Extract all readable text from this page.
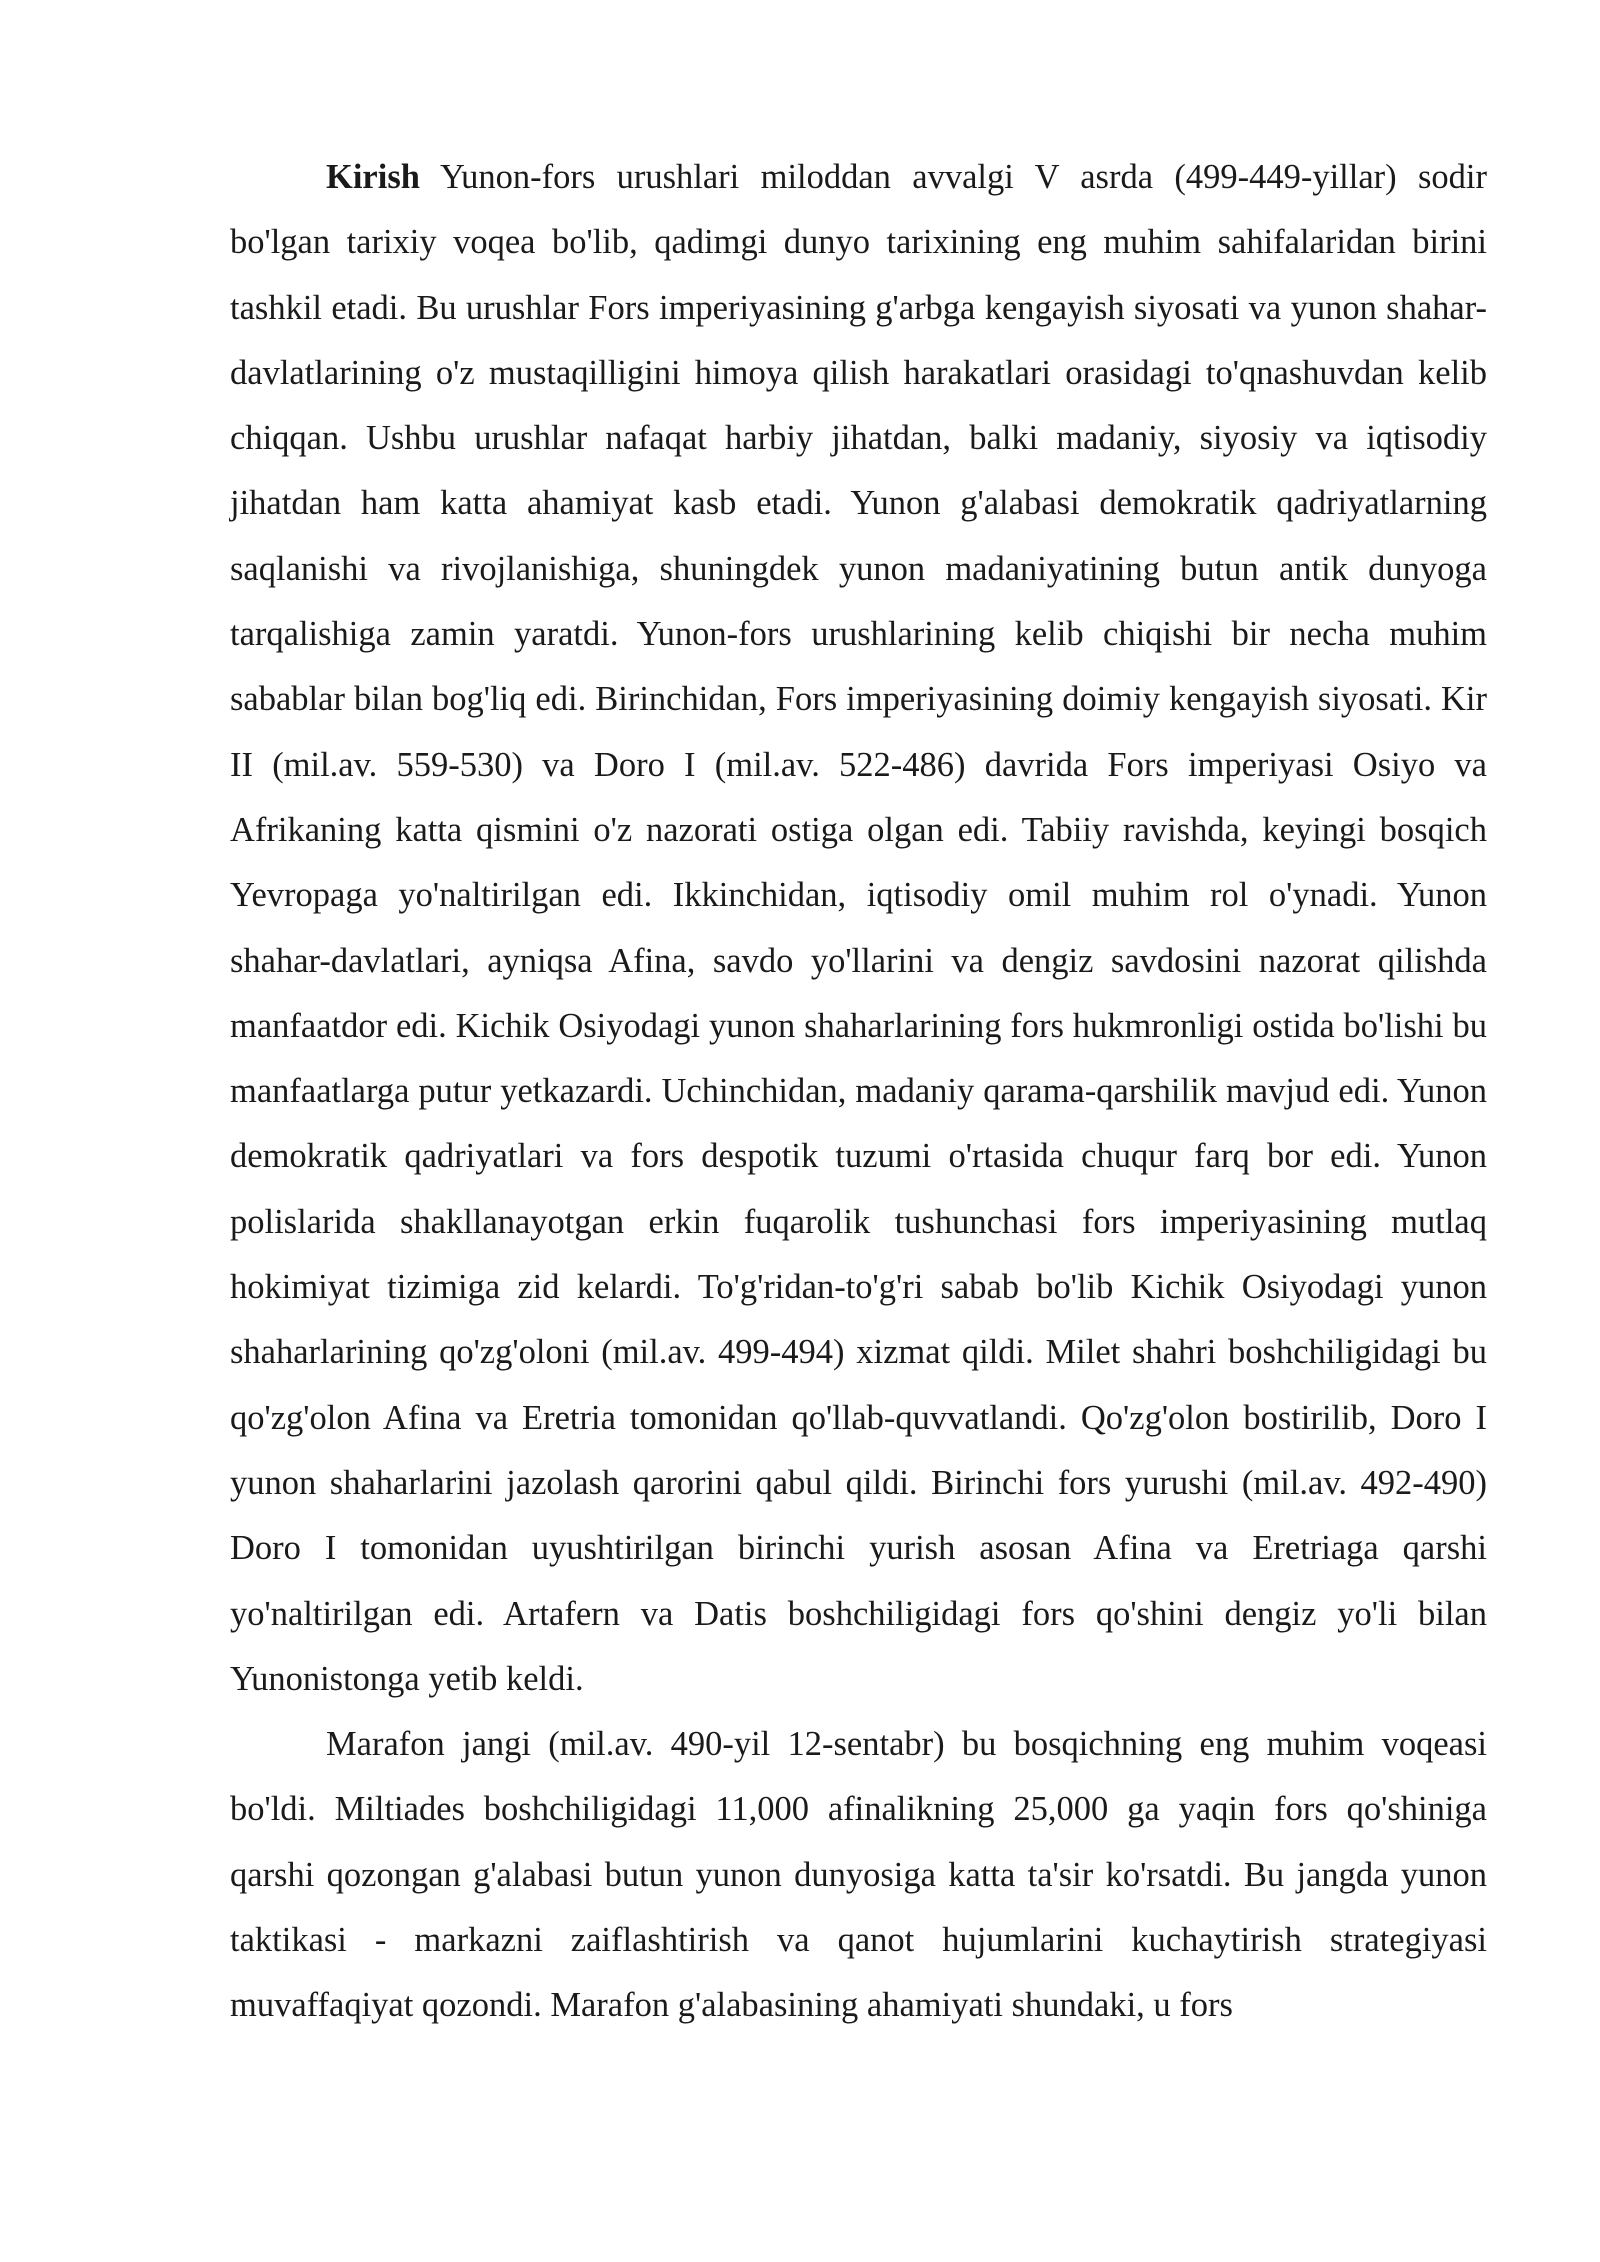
Kirish Yunon-fors urushlari miloddan avvalgi V asrda (499-449-yillar) sodir bo'lgan tarixiy voqea bo'lib, qadimgi dunyo tarixining eng muhim sahifalaridan birini tashkil etadi. Bu urushlar Fors imperiyasining g'arbga kengayish siyosati va yunon shahar-davlatlarining o'z mustaqilligini himoya qilish harakatlari orasidagi to'qnashuvdan kelib chiqqan. Ushbu urushlar nafaqat harbiy jihatdan, balki madaniy, siyosiy va iqtisodiy jihatdan ham katta ahamiyat kasb etadi. Yunon g'alabasi demokratik qadriyatlarning saqlanishi va rivojlanishiga, shuningdek yunon madaniyatining butun antik dunyoga tarqalishiga zamin yaratdi. Yunon-fors urushlarining kelib chiqishi bir necha muhim sabablar bilan bog'liq edi. Birinchidan, Fors imperiyasining doimiy kengayish siyosati. Kir II (mil.av. 559-530) va Doro I (mil.av. 522-486) davrida Fors imperiyasi Osiyo va Afrikaning katta qismini o'z nazorati ostiga olgan edi. Tabiiy ravishda, keyingi bosqich Yevropaga yo'naltirilgan edi. Ikkinchidan, iqtisodiy omil muhim rol o'ynadi. Yunon shahar-davlatlari, ayniqsa Afina, savdo yo'llarini va dengiz savdosini nazorat qilishda manfaatdor edi. Kichik Osiyodagi yunon shaharlarining fors hukmronligi ostida bo'lishi bu manfaatlarga putur yetkazardi. Uchinchidan, madaniy qarama-qarshilik mavjud edi. Yunon demokratik qadriyatlari va fors despotik tuzumi o'rtasida chuqur farq bor edi. Yunon polislarida shakllanayotgan erkin fuqarolik tushunchasi fors imperiyasining mutlaq hokimiyat tizimiga zid kelardi. To'g'ridan-to'g'ri sabab bo'lib Kichik Osiyodagi yunon shaharlarining qo'zg'oloni (mil.av. 499-494) xizmat qildi. Milet shahri boshchiligidagi bu qo'zg'olon Afina va Eretria tomonidan qo'llab-quvvatlandi. Qo'zg'olon bostirilib, Doro I yunon shaharlarini jazolash qarorini qabul qildi. Birinchi fors yurushi (mil.av. 492-490) Doro I tomonidan uyushtirilgan birinchi yurish asosan Afina va Eretriaga qarshi yo'naltirilgan edi. Artafern va Datis boshchiligidagi fors qo'shini dengiz yo'li bilan Yunonistonga yetib keldi.

Marafon jangi (mil.av. 490-yil 12-sentabr) bu bosqichning eng muhim voqeasi bo'ldi. Miltiades boshchiligidagi 11,000 afinalikning 25,000 ga yaqin fors qo'shiniga qarshi qozongan g'alabasi butun yunon dunyosiga katta ta'sir ko'rsatdi. Bu jangda yunon taktikasi - markazni zaiflashtirish va qanot hujumlarini kuchaytirish strategiyasi muvaffaqiyat qozondi. Marafon g'alabasining ahamiyati shundaki, u fors
